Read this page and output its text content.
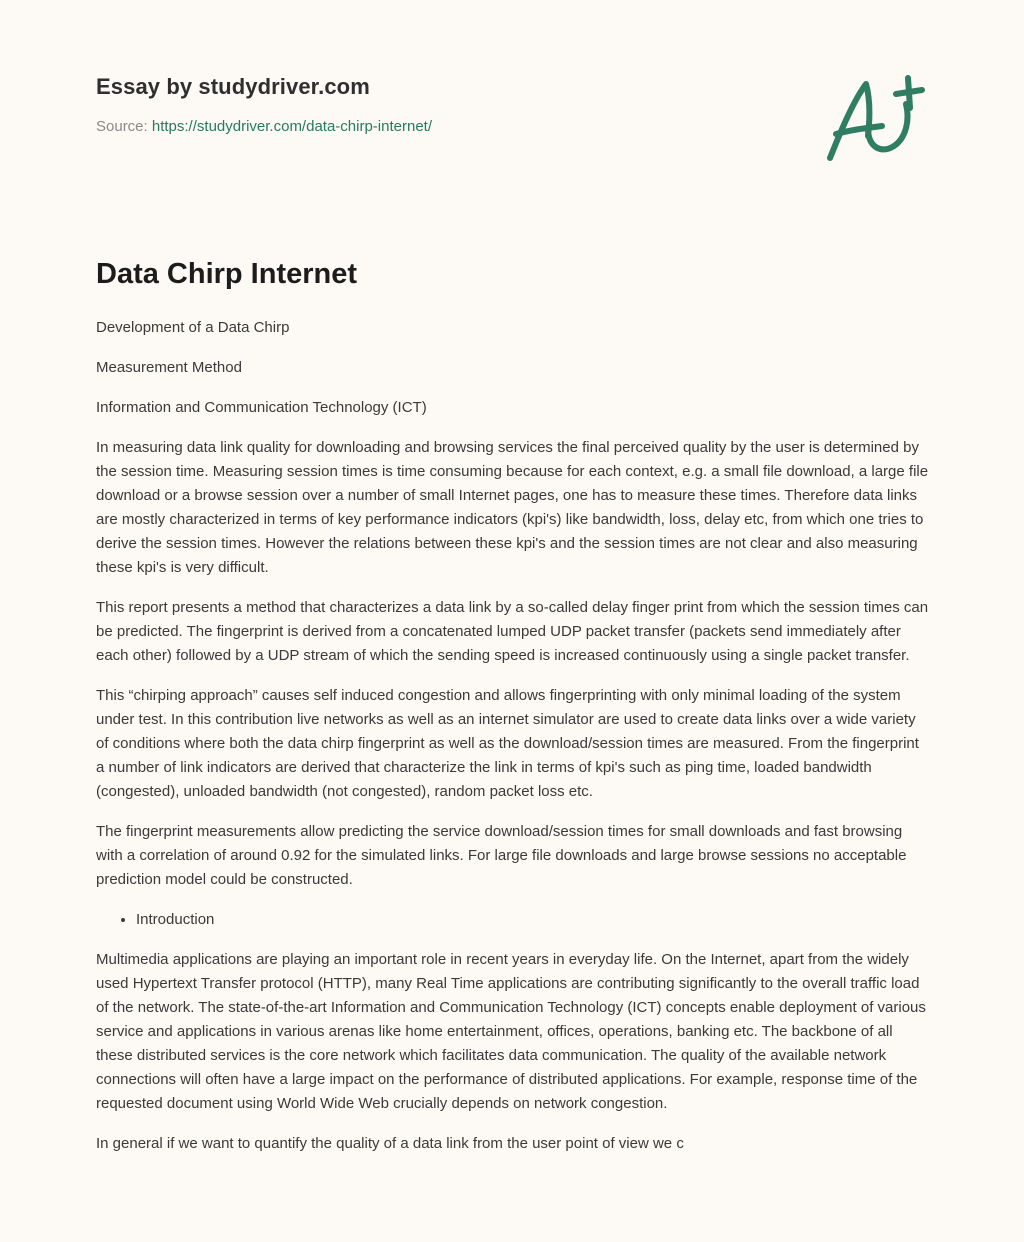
Essay by studydriver.com
Source: https://studydriver.com/data-chirp-internet/
Data Chirp Internet

Development of a Data Chirp

Measurement Method

Information and Communication Technology (ICT)

In measuring data link quality for downloading and browsing services the final perceived quality by the user is determined by the session time. Measuring session times is time consuming because for each context, e.g. a small file download, a large file download or a browse session over a number of small Internet pages, one has to measure these times. Therefore data links are mostly characterized in terms of key performance indicators (kpi's) like bandwidth, loss, delay etc, from which one tries to derive the session times. However the relations between these kpi's and the session times are not clear and also measuring these kpi's is very difficult.

This report presents a method that characterizes a data link by a so-called delay finger print from which the session times can be predicted. The fingerprint is derived from a concatenated lumped UDP packet transfer (packets send immediately after each other) followed by a UDP stream of which the sending speed is increased continuously using a single packet transfer.

This “chirping approach” causes self induced congestion and allows fingerprinting with only minimal loading of the system under test. In this contribution live networks as well as an internet simulator are used to create data links over a wide variety of conditions where both the data chirp fingerprint as well as the download/session times are measured. From the fingerprint a number of link indicators are derived that characterize the link in terms of kpi's such as ping time, loaded bandwidth (congested), unloaded bandwidth (not congested), random packet loss etc.

The fingerprint measurements allow predicting the service download/session times for small downloads and fast browsing with a correlation of around 0.92 for the simulated links. For large file downloads and large browse sessions no acceptable prediction model could be constructed.

• Introduction

Multimedia applications are playing an important role in recent years in everyday life. On the Internet, apart from the widely used Hypertext Transfer protocol (HTTP), many Real Time applications are contributing significantly to the overall traffic load of the network. The state-of-the-art Information and Communication Technology (ICT) concepts enable deployment of various service and applications in various arenas like home entertainment, offices, operations, banking etc. The backbone of all these distributed services is the core network which facilitates data communication. The quality of the available network connections will often have a large impact on the performance of distributed applications. For example, response time of the requested document using World Wide Web crucially depends on network congestion.

In general if we want to quantify the quality of a data link from the user point of view we c
